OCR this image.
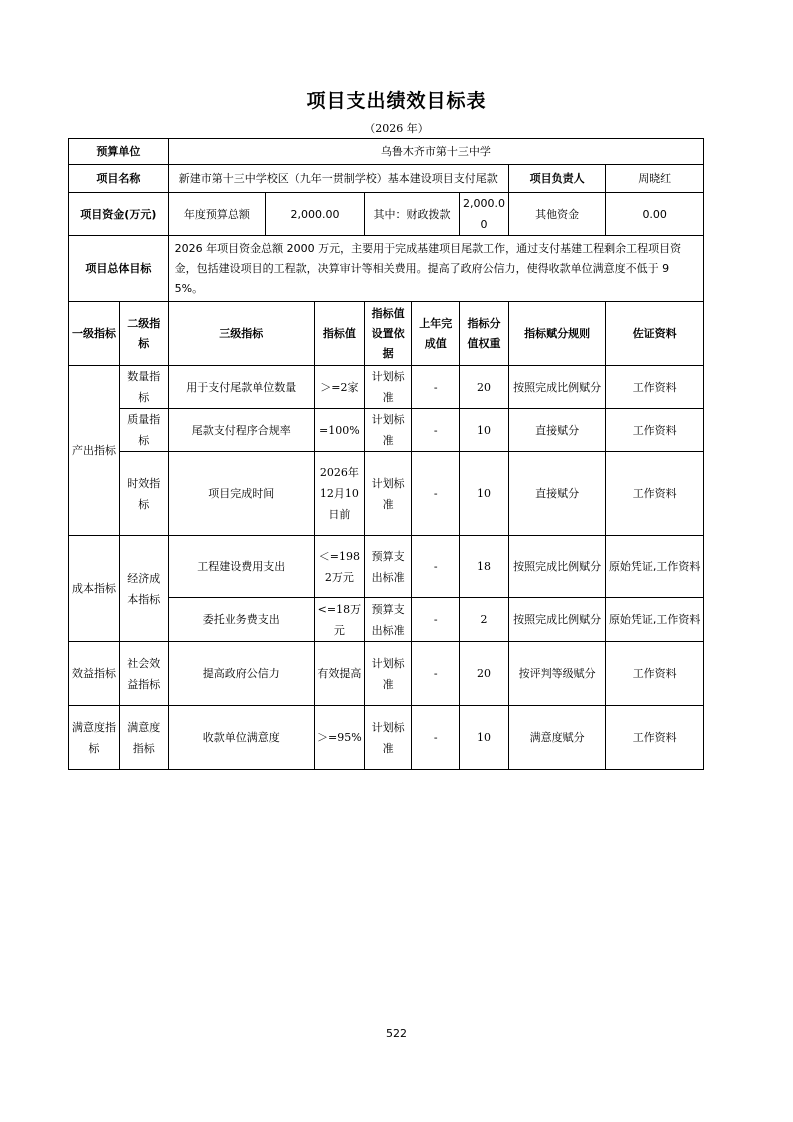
项目支出绩效目标表
（2026 年）
预算单位		乌鲁木齐市第十三中学							
项目名称		新建市第十三中学校区（九年一贯制学校）基本建设项目支付尾款						项目负责人	周晓红
项目资金(万元)		年度预算总额	2,000.00		其中：财政拨款		2,000.00	其他资金	0.00
项目总体目标		2026 年项目资金总额 2000 万元，主要用于完成基建项目尾款工作，通过支付基建工程剩余工程项目资金，包括建设项目的工程款，决算审计等相关费用。提高了政府公信力，使得收款单位满意度不低于 95%。							
一级指标	二级指标	三级指标		指标值	指标值设置依据	上年完成值	指标分值权重	指标赋分规则	佐证资料
产出指标	数量指标	用于支付尾款单位数量		＞=2家	计划标准	-	20	按照完成比例赋分	工作资料
	质量指标	尾款支付程序合规率		=100%	计划标准	-	10	直接赋分	工作资料
	时效指标	项目完成时间		2026年12月10日前	计划标准	-	10	直接赋分	工作资料
成本指标	经济成本指标	工程建设费用支出		＜=1982万元	预算支出标准	-	18	按照完成比例赋分	原始凭证,工作资料
		委托业务费支出		<=18万元	预算支出标准	-	2	按照完成比例赋分	原始凭证,工作资料
效益指标	社会效益指标	提高政府公信力		有效提高	计划标准	-	20	按评判等级赋分	工作资料
满意度指标	满意度指标	收款单位满意度		＞=95%	计划标准	-	10	满意度赋分	工作资料
522
